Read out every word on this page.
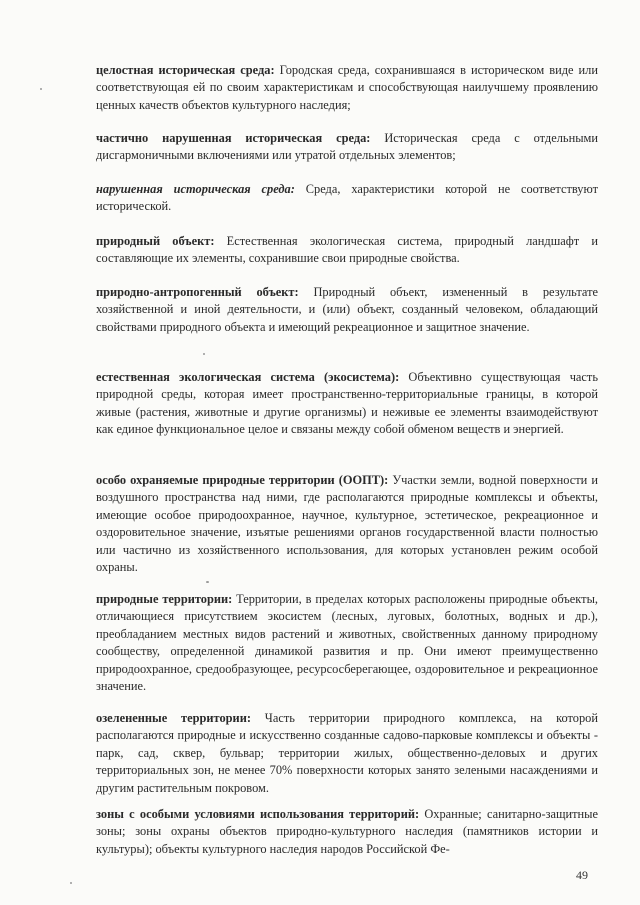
целостная историческая среда: Городская среда, сохранившаяся в историческом виде или соответствующая ей по своим характеристикам и способствующая наилучшему проявлению ценных качеств объектов культурного наследия;

частично нарушенная историческая среда: Историческая среда с отдельными дисгармоничными включениями или утратой отдельных элементов;

нарушенная историческая среда: Среда, характеристики которой не соответствуют исторической.

природный объект: Естественная экологическая система, природный ландшафт и составляющие их элементы, сохранившие свои природные свойства.

природно-антропогенный объект: Природный объект, измененный в результате хозяйственной и иной деятельности, и (или) объект, созданный человеком, обладающий свойствами природного объекта и имеющий рекреационное и защитное значение.

естественная экологическая система (экосистема): Объективно существующая часть природной среды, которая имеет пространственно-территориальные границы, в которой живые (растения, животные и другие организмы) и неживые ее элементы взаимодействуют как единое функциональное целое и связаны между собой обменом веществ и энергией.

особо охраняемые природные территории (ООПТ): Участки земли, водной поверхности и воздушного пространства над ними, где располагаются природные комплексы и объекты, имеющие особое природоохранное, научное, культурное, эстетическое, рекреационное и оздоровительное значение, изъятые решениями органов государственной власти полностью или частично из хозяйственного использования, для которых установлен режим особой охраны.

природные территории: Территории, в пределах которых расположены природные объекты, отличающиеся присутствием экосистем (лесных, луговых, болотных, водных и др.), преобладанием местных видов растений и животных, свойственных данному природному сообществу, определенной динамикой развития и пр. Они имеют преимущественно природоохранное, средообразующее, ресурсосберегающее, оздоровительное и рекреационное значение.

озелененные территории: Часть территории природного комплекса, на которой располагаются природные и искусственно созданные садово-парковые комплексы и объекты - парк, сад, сквер, бульвар; территории жилых, общественно-деловых и других территориальных зон, не менее 70% поверхности которых занято зелеными насаждениями и другим растительным покровом.

зоны с особыми условиями использования территорий: Охранные; санитарно-защитные зоны; зоны охраны объектов природно-культурного наследия (памятников истории и культуры); объекты культурного наследия народов Российской Фе-

49
